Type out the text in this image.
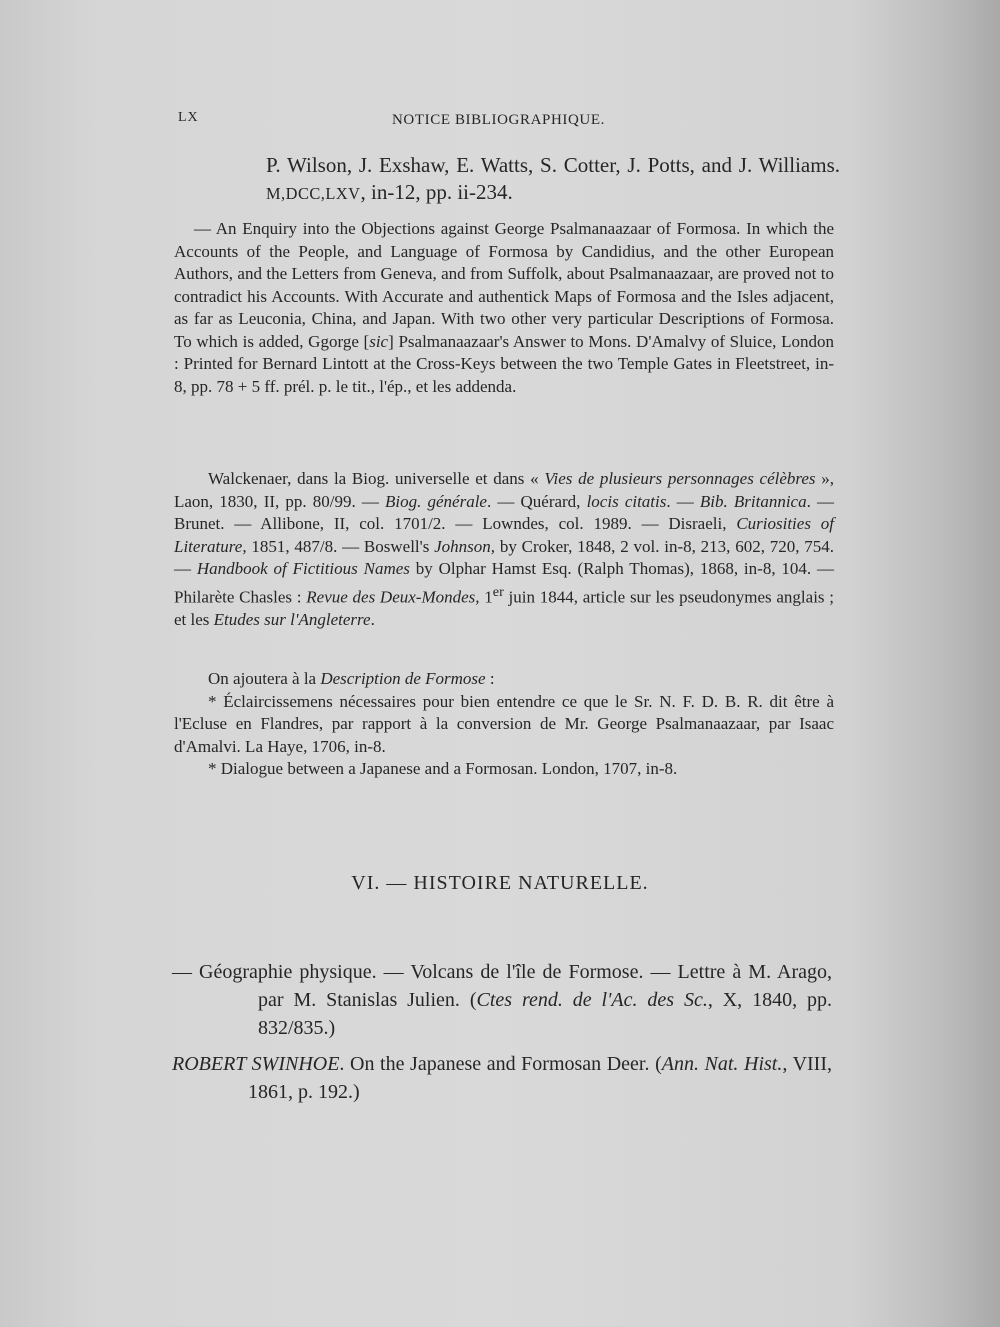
LX	NOTICE BIBLIOGRAPHIQUE.

P. Wilson, J. Exshaw, E. Watts, S. Cotter, J. Potts, and J. Williams. M,DCC,LXV, in-12, pp. ii-234.

— An Enquiry into the Objections against George Psalmanaazaar of Formosa. In which the Accounts of the People, and Language of Formosa by Candidius, and the other European Authors, and the Letters from Geneva, and from Suffolk, about Psalmanaazaar, are proved not to contradict his Accounts. With Accurate and authentick Maps of Formosa and the Isles adjacent, as far as Leuconia, China, and Japan. With two other very particular Descriptions of Formosa. To which is added, Ggorge [sic] Psalmanaazaar's Answer to Mons. D'Amalvy of Sluice, London : Printed for Bernard Lintott at the Cross-Keys between the two Temple Gates in Fleetstreet, in-8, pp. 78 + 5 ff. prél. p. le tit., l'ép., et les addenda.

Walckenaer, dans la Biog. universelle et dans « Vies de plusieurs personnages célèbres », Laon, 1830, II, pp. 80/99. — Biog. générale. — Quérard, locis citatis. — Bib. Britannica. — Brunet. — Allibone, II, col. 1701/2. — Lowndes, col. 1989. — Disraeli, Curiosities of Literature, 1851, 487/8. — Boswell's Johnson, by Croker, 1848, 2 vol. in-8, 213, 602, 720, 754. — Handbook of Fictitious Names by Olphar Hamst Esq. (Ralph Thomas), 1868, in-8, 104. — Philarète Chasles : Revue des Deux-Mondes, 1er juin 1844, article sur les pseudonymes anglais ; et les Etudes sur l'Angleterre.

On ajoutera à la Description de Formose :

* Éclaircissemens nécessaires pour bien entendre ce que le Sr. N. F. D. B. R. dit être à l'Ecluse en Flandres, par rapport à la conversion de Mr. George Psalmanaazaar, par Isaac d'Amalvi. La Haye, 1706, in-8.

* Dialogue between a Japanese and a Formosan. London, 1707, in-8.

VI. — HISTOIRE NATURELLE.

— Géographie physique. — Volcans de l'île de Formose. — Lettre à M. Arago, par M. Stanislas Julien. (Ctes rend. de l'Ac. des Sc., X, 1840, pp. 832/835.)

ROBERT SWINHOE. On the Japanese and Formosan Deer. (Ann. Nat. Hist., VIII, 1861, p. 192.)
